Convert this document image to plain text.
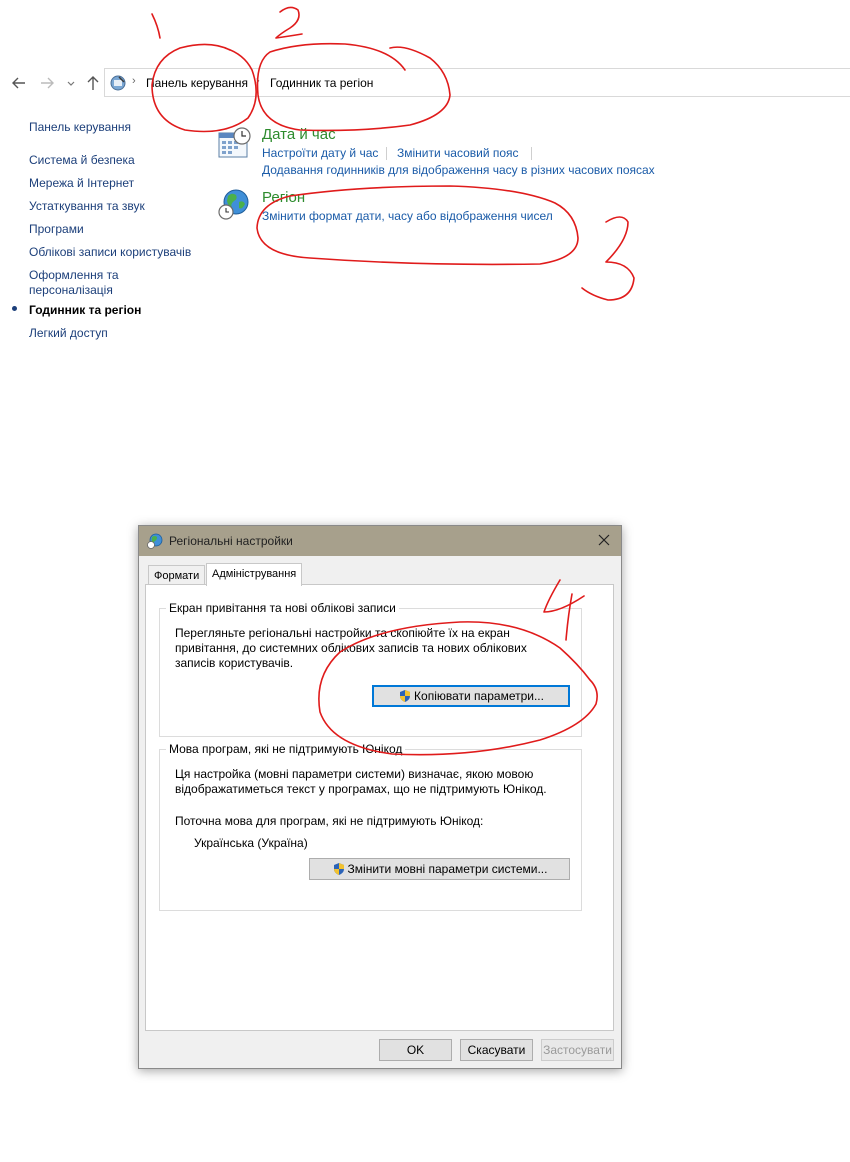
› Панель керування › Годинник та регіон
Панель керування
Система й безпека
Мережа й Інтернет
Устаткування та звук
Програми
Облікові записи користувачів
Оформлення та персоналізація
Годинник та регіон
Легкий доступ
Дата й час
Настроїти дату й час Змінити часовий пояс
Додавання годинників для відображення часу в різних часових поясах
Регіон
Змінити формат дати, часу або відображення чисел
Регіональні настройки
Формати	Адміністрування
Екран привітання та нові облікові записи
Перегляньте регіональні настройки та скопіюйте їх на екран
привітання, до системних облікових записів та нових облікових
записів користувачів.
Копіювати параметри...
Мова програм, які не підтримують Юнікод
Ця настройка (мовні параметри системи) визначає, якою мовою
відображатиметься текст у програмах, що не підтримують Юнікод.
Поточна мова для програм, які не підтримують Юнікод:
Українська (Україна)
Змінити мовні параметри системи...
OK	Скасувати	Застосувати
